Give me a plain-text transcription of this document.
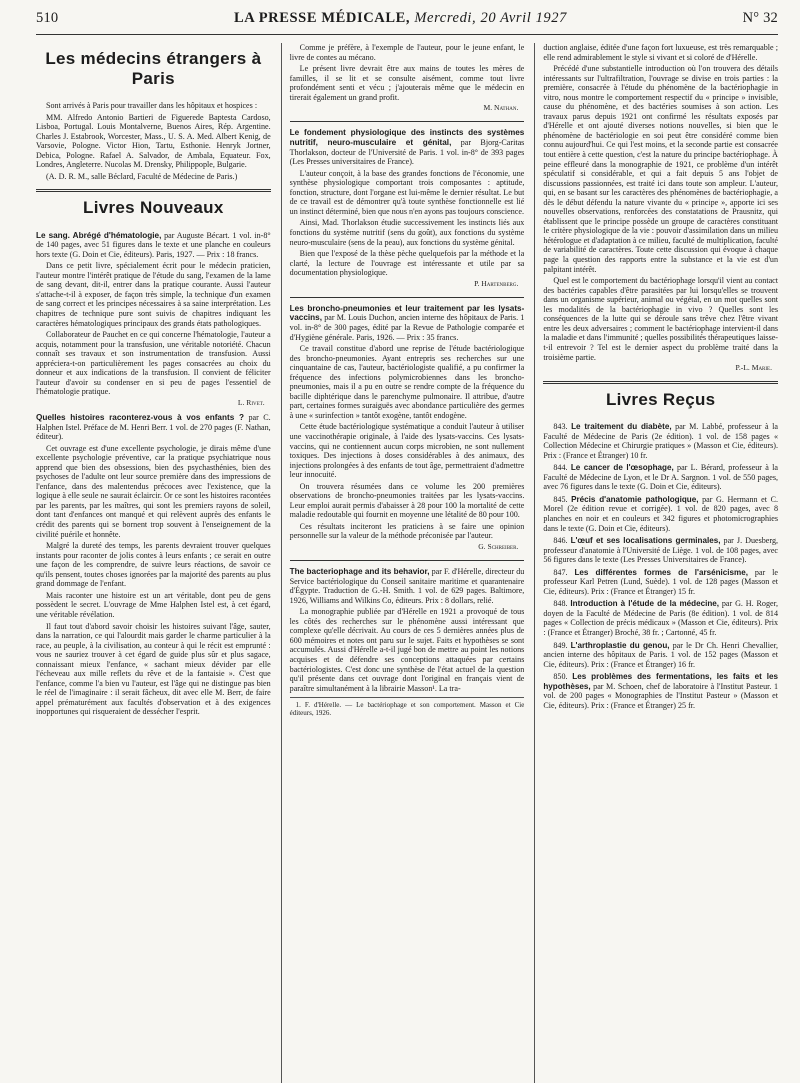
510	LA PRESSE MÉDICALE, Mercredi, 20 Avril 1927	N° 32
Les médecins étrangers à Paris

Sont arrivés à Paris pour travailler dans les hôpitaux et hospices :

MM. Alfredo Antonio Bartieri de Figuerede Baptesta Cardoso, Lisboa, Portugal. Louis Montalverne, Buenos Aires, Rép. Argentine. Charles J. Estabrook, Worcester, Mass., U. S. A. Med. Albert Kenig, de Varsovie, Pologne. Victor Hion, Tartu, Esthonie. Henryk Jortner, Debica, Pologne. Rafael A. Salvador, de Ambala, Equateur. Fox, Londres, Angleterre. Nucolas M. Drensky, Philippople, Bulgarie.

(A. D. R. M., salle Béclard, Faculté de Médecine de Paris.)

Livres Nouveaux

Le sang. Abrégé d'hématologie, par Auguste Bécart. 1 vol. in-8° de 140 pages, avec 51 figures dans le texte et une planche en couleurs hors texte (G. Doin et Cie, éditeurs). Paris, 1927. — Prix : 18 francs.

Dans ce petit livre, spécialement écrit pour le médecin praticien, l'auteur montre l'intérêt pratique de l'étude du sang, l'examen de la lame de sang devant, dit-il, entrer dans la pratique courante. Aussi l'auteur s'attache-t-il à exposer, de façon très simple, la technique d'un examen de sang correct et les principes nécessaires à sa saine interprétation. Les chapitres de technique pure sont suivis de chapitres indiquant les caractères hématologiques principaux des grands états pathologiques.

Collaborateur de Pauchet en ce qui concerne l'hématologie, l'auteur a acquis, notamment pour la transfusion, une véritable notoriété. Chacun connaît ses travaux et son instrumentation de transfusion. Aussi appréciera-t-on particulièrement les pages consacrées au choix du donneur et aux indications de la transfusion. Il convient de féliciter l'auteur d'avoir su condenser en si peu de pages l'essentiel de l'hématologie pratique.

L. Rivet.

Quelles histoires raconterez-vous à vos enfants ? par C. Halphen Istel. Préface de M. Henri Berr. 1 vol. de 270 pages (F. Nathan, éditeur).

Cet ouvrage est d'une excellente psychologie, je dirais même d'une excellente psychologie préventive, car la pratique psychiatrique nous apprend que bien des obsessions, bien des psychasthénies, bien des psychoses de l'adulte ont leur source première dans des impressions de l'enfance, dans des malentendus précoces avec l'existence, que la logique à elle seule ne saurait éclaircir. Or ce sont les histoires racontées par les parents, par les maîtres, qui sont les premiers rayons de soleil, dont tant d'enfances ont manqué et qui relèvent auprès des enfants le crédit des parents qui se bornent trop souvent à l'enseignement de la civilité puérile et honnête.

Malgré la dureté des temps, les parents devraient trouver quelques instants pour raconter de jolis contes à leurs enfants ; ce serait en outre une façon de les comprendre, de suivre leurs réactions, de savoir ce qu'ils pensent, toutes choses ignorées par la majorité des parents au plus grand dommage de l'enfant.

Mais raconter une histoire est un art véritable, dont peu de gens possèdent le secret. L'ouvrage de Mme Halphen Istel est, à cet égard, une véritable révélation.

Il faut tout d'abord savoir choisir les histoires suivant l'âge, sauter, dans la narration, ce qui l'alourdit mais garder le charme particulier à la race, au peuple, à la civilisation, au conteur à qui le récit est emprunté : vous ne sauriez trouver à cet égard de guide plus sûr et plus sagace, connaissant mieux l'enfance, « sachant mieux dévider par elle l'écheveau aux mille reflets du rêve et de la fantaisie ». C'est que l'enfance, comme l'a bien vu l'auteur, est l'âge qui ne distingue pas bien le réel de l'imaginaire : il serait fâcheux, dit avec elle M. Berr, de faire appel prématurément aux facultés d'observation et à des exigences inopportunes qui risqueraient de dessécher l'esprit.

Comme je préfère, à l'exemple de l'auteur, pour le jeune enfant, le livre de contes au mécano.

Le présent livre devrait être aux mains de toutes les mères de familles, il se lit et se consulte aisément, comme tout livre profondément senti et vécu ; j'ajouterais même que le médecin en tirerait également un grand profit.

M. Nathan.

Le fondement physiologique des instincts des systèmes nutritif, neuro-musculaire et génital, par Bjorg-Caritas Thorlakson, docteur de l'Université de Paris. 1 vol. in-8° de 393 pages (Les Presses universitaires de France).

L'auteur conçoit, à la base des grandes fonctions de l'économie, une synthèse physiologique comportant trois composantes : aptitude, fonction, structure, dont l'organe est lui-même le dernier résultat. Le but de ce travail est de démontrer qu'à toute synthèse fonctionnelle est lié un instinct déterminé, bien que nous n'en ayons pas toujours conscience.

Ainsi, Mad. Thorlakson étudie successivement les instincts liés aux fonctions du système nutritif (sens du goût), aux fonctions du système neuro-musculaire (sens de la peau), aux fonctions du système génital.

Bien que l'exposé de la thèse pèche quelquefois par la méthode et la clarté, la lecture de l'ouvrage est intéressante et utile par sa documentation physiologique.

P. Hartenberg.

Les broncho-pneumonies et leur traitement par les lysats-vaccins, par M. Louis Duchon, ancien interne des hôpitaux de Paris. 1 vol. in-8° de 300 pages, édité par la Revue de Pathologie comparée et d'Hygiène générale. Paris, 1926. — Prix : 35 francs.

Ce travail constitue d'abord une reprise de l'étude bactériologique des broncho-pneumonies. Ayant entrepris ses recherches sur une cinquantaine de cas, l'auteur, bactériologiste qualifié, a pu confirmer la fréquence des infections polymicrobiennes dans les broncho-pneumonies, mais il a pu en outre se rendre compte de la fréquence du bacille diphtérique dans le parenchyme pulmonaire. Il attribue, d'autre part, certaines formes suraiguës avec abondance particulière des germes à une « surinfection » tantôt exogène, tantôt endogène.

Cette étude bactériologique systématique a conduit l'auteur à utiliser une vaccinothérapie originale, à l'aide des lysats-vaccins. Ces lysats-vaccins, qui ne contiennent aucun corps microbien, ne sont nullement toxiques. Des injections à doses considérables à des animaux, des injections prolongées à des enfants de tout âge, permettraient d'admettre leur innocuité.

On trouvera résumées dans ce volume les 200 premières observations de broncho-pneumonies traitées par les lysats-vaccins. Leur emploi aurait permis d'abaisser à 28 pour 100 la mortalité de cette maladie redoutable qui fournit en moyenne une létalité de 80 pour 100.

Ces résultats inciteront les praticiens à se faire une opinion personnelle sur la valeur de la méthode préconisée par l'auteur.

G. Schreiber.

The bacteriophage and its behavior, par F. d'Hérelle, directeur du Service bactériologique du Conseil sanitaire maritime et quarantenaire d'Égypte. Traduction de G.-H. Smith. 1 vol. de 629 pages. Baltimore, 1926, Williams and Wilkins Co, éditeurs. Prix : 8 dollars, relié.

La monographie publiée par d'Hérelle en 1921 a provoqué de tous les côtés des recherches sur le phénomène aussi intéressant que complexe qu'elle décrivait. Au cours de ces 5 dernières années plus de 600 mémoires et notes ont paru sur le sujet. Faits et hypothèses se sont accumulés. Aussi d'Hérelle a-t-il jugé bon de mettre au point les notions acquises et de défendre ses conceptions attaquées par certains bactériologistes. C'est donc une synthèse de l'état actuel de la question qu'il présente dans cet ouvrage dont l'original en français vient de paraître simultanément à la librairie Masson¹. La tra-

1. F. d'Hérelle. — Le bactériophage et son comportement. Masson et Cie éditeurs, 1926.

duction anglaise, éditée d'une façon fort luxueuse, est très remarquable ; elle rend admirablement le style si vivant et si coloré de d'Hérelle.

Précédé d'une substantielle introduction où l'on trouvera des détails intéressants sur l'ultrafiltration, l'ouvrage se divise en trois parties : la première, consacrée à l'étude du phénomène de la bactériophagie in vitro, nous montre le comportement respectif du « principe » invisible, cause du phénomène, et des bactéries soumises à son action. Les travaux parus depuis 1921 ont confirmé les résultats exposés par d'Hérelle et ont ajouté diverses notions nouvelles, si bien que le phénomène de bactériologie en soi peut être considéré comme bien connu aujourd'hui. Ce qui l'est moins, et la seconde partie est consacrée tout entière à cette question, c'est la nature du principe bactériophage. À peine effleuré dans la monographie de 1921, ce problème d'un intérêt spéculatif si considérable, et qui a fait depuis 5 ans l'objet de discussions passionnées, est traité ici dans toute son ampleur. L'auteur, qui, en se basant sur les caractères des phénomènes de bactériophagie, a dès le début défendu la nature vivante du « principe », apporte ici ses nouvelles observations, renforcées des constatations de Prausnitz, qui établissent que le principe possède un groupe de caractères constituant le critère physiologique de la vie : pouvoir d'assimilation dans un milieu hétérologue et d'adaptation à ce milieu, faculté de multiplication, faculté de variabilité de caractères. Toute cette discussion qui évoque à chaque page la question des rapports entre la substance et la vie est d'un palpitant intérêt.

Quel est le comportement du bactériophage lorsqu'il vient au contact des bactéries capables d'être parasitées par lui lorsqu'elles se trouvent dans un organisme supérieur, animal ou végétal, en un mot quelles sont les modalités de la bactériophagie in vivo ? Quelles sont les conséquences de la lutte qui se déroule sans trêve chez l'être vivant entre les deux adversaires ; comment le bactériophage intervient-il dans la maladie et dans l'immunité ; quelles possibilités thérapeutiques laisse-t-il entrevoir ? Tel est le dernier aspect du problème traité dans la troisième partie.

P.-L. Marie.
Livres Reçus

843. Le traitement du diabète, par M. Labbé, professeur à la Faculté de Médecine de Paris (2e édition). 1 vol. de 158 pages « Collection Médecine et Chirurgie pratiques » (Masson et Cie, éditeurs). Prix : (France et Étranger) 10 fr.

844. Le cancer de l'œsophage, par L. Bérard, professeur à la Faculté de Médecine de Lyon, et le Dr A. Sargnon. 1 vol. de 550 pages, avec 76 figures dans le texte (G. Doin et Cie, éditeurs).

845. Précis d'anatomie pathologique, par G. Hermann et C. Morel (2e édition revue et corrigée). 1 vol. de 820 pages, avec 8 planches en noir et en couleurs et 342 figures et photomicrographies dans le texte (G. Doin et Cie, éditeurs).

846. L'œuf et ses localisations germinales, par J. Duesberg, professeur d'anatomie à l'Université de Liège. 1 vol. de 108 pages, avec 56 figures dans le texte (Les Presses Universitaires de France).

847. Les différentes formes de l'arsénicisme, par le professeur Karl Petren (Lund, Suède). 1 vol. de 128 pages (Masson et Cie, éditeurs). Prix : (France et Étranger) 15 fr.

848. Introduction à l'étude de la médecine, par G. H. Roger, doyen de la Faculté de Médecine de Paris (8e édition). 1 vol. de 814 pages « Collection de précis médicaux » (Masson et Cie, éditeurs). Prix : (France et Étranger) Broché, 38 fr. ; Cartonné, 45 fr.

849. L'arthroplastie du genou, par le Dr Ch. Henri Chevallier, ancien interne des hôpitaux de Paris. 1 vol. de 152 pages (Masson et Cie, éditeurs). Prix : (France et Étranger) 16 fr.

850. Les problèmes des fermentations, les faits et les hypothèses, par M. Schoen, chef de laboratoire à l'Institut Pasteur. 1 vol. de 200 pages « Monographies de l'Institut Pasteur » (Masson et Cie, éditeurs). Prix : (France et Étranger) 25 fr.
